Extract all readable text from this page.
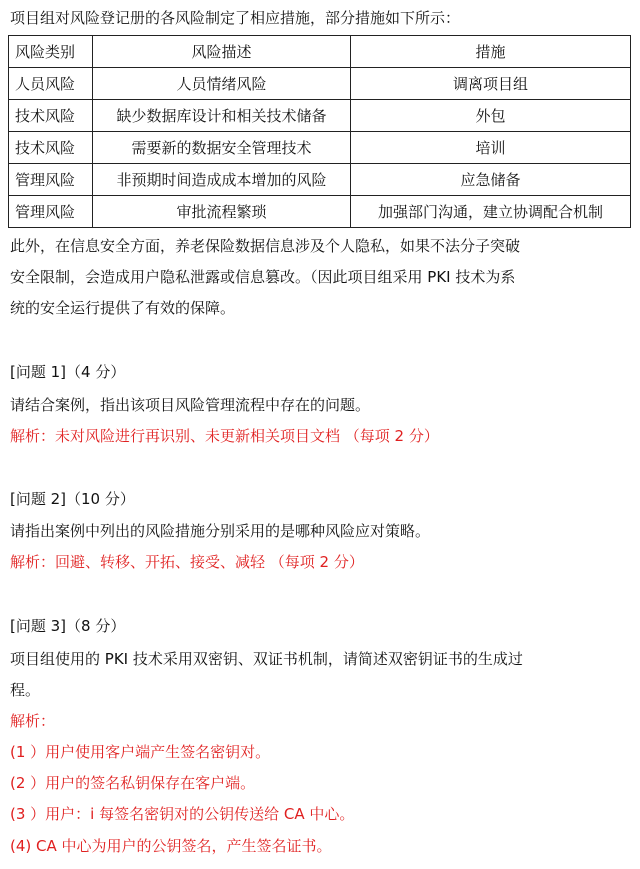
项目组对风险登记册的各风险制定了相应措施，部分措施如下所示：
风险类别	风险描述	措施
人员风险	人员情绪风险	调离项目组
技术风险	缺少数据库设计和相关技术储备	外包
技术风险	需要新的数据安全管理技术	培训
管理风险	非预期时间造成成本增加的风险	应急储备
管理风险	审批流程繁琐	加强部门沟通，建立协调配合机制
此外，在信息安全方面，养老保险数据信息涉及个人隐私，如果不法分子突破
安全限制，会造成用户隐私泄露或信息篡改。（因此项目组采用 PKI 技术为系
统的安全运行提供了有效的保障。
[问题 1]（4 分）
请结合案例，指出该项目风险管理流程中存在的问题。
解析：未对风险进行再识别、未更新相关项目文档 （每项 2 分）
[问题 2]（10 分）
请指出案例中列出的风险措施分别采用的是哪种风险应对策略。
解析：回避、转移、开拓、接受、减轻 （每项 2 分）
[问题 3]（8 分）
项目组使用的 PKI 技术采用双密钥、双证书机制，请简述双密钥证书的生成过
程。
解析：
(1 ）用户使用客户端产生签名密钥对。
(2 ）用户的签名私钥保存在客户端。
(3 ）用户：i 每签名密钥对的公钥传送给 CA 中心。
(4) CA 中心为用户的公钥签名，产生签名证书。
